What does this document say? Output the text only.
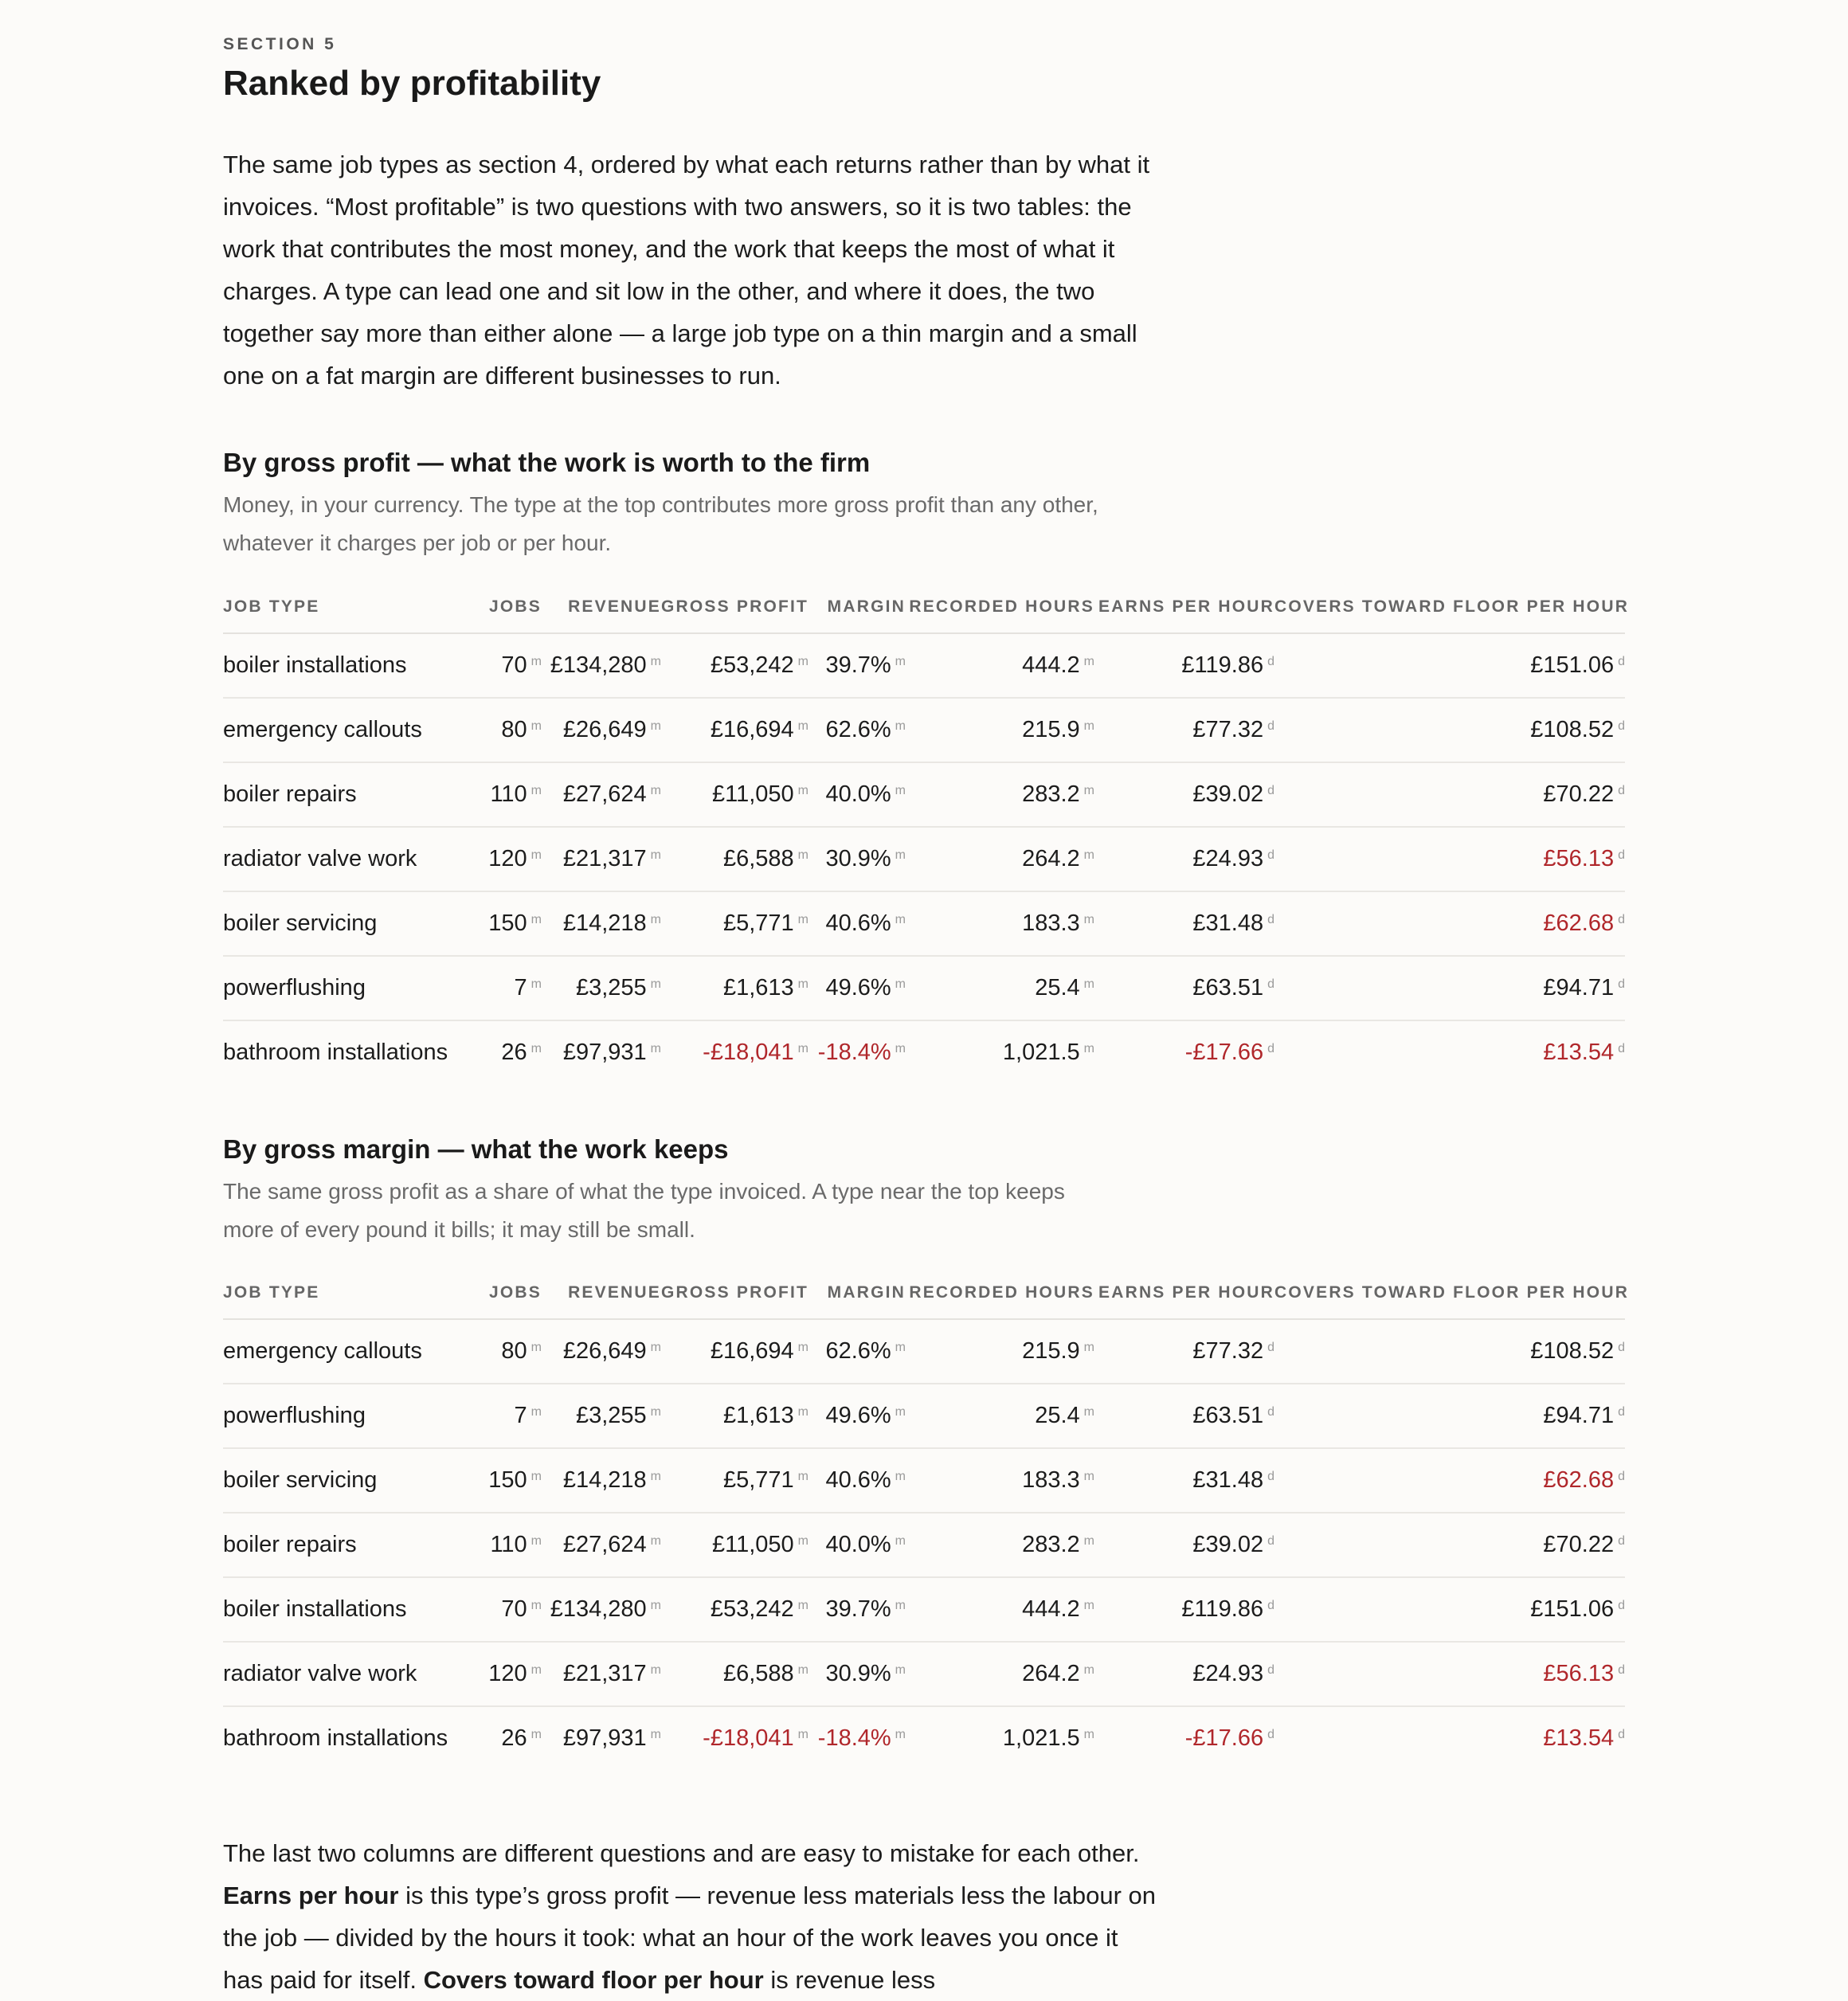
SECTION 5
Ranked by profitability

The same job types as section 4, ordered by what each returns rather than by what it invoices. “Most profitable” is two questions with two answers, so it is two tables: the work that contributes the most money, and the work that keeps the most of what it charges. A type can lead one and sit low in the other, and where it does, the two together say more than either alone — a large job type on a thin margin and a small one on a fat margin are different businesses to run.

By gross profit — what the work is worth to the firm

Money, in your currency. The type at the top contributes more gross profit than any other, whatever it charges per job or per hour.

JOB TYPE	JOBS	REVENUE	GROSS PROFIT	MARGIN	RECORDED HOURS	EARNS PER HOUR	COVERS TOWARD FLOOR PER HOUR
boiler installations	70 $^m$	£134,280 $^m$	£53,242 $^m$	39.7% $^m$	444.2 $^m$	£119.86 $^d$	£151.06 $^d$
emergency callouts	80 $^m$	£26,649 $^m$	£16,694 $^m$	62.6% $^m$	215.9 $^m$	£77.32 $^d$	£108.52 $^d$
boiler repairs	110 $^m$	£27,624 $^m$	£11,050 $^m$	40.0% $^m$	283.2 $^m$	£39.02 $^d$	£70.22 $^d$
radiator valve work	120 $^m$	£21,317 $^m$	£6,588 $^m$	30.9% $^m$	264.2 $^m$	£24.93 $^d$	£56.13 $^d$
boiler servicing	150 $^m$	£14,218 $^m$	£5,771 $^m$	40.6% $^m$	183.3 $^m$	£31.48 $^d$	£62.68 $^d$
powerflushing	7 $^m$	£3,255 $^m$	£1,613 $^m$	49.6% $^m$	25.4 $^m$	£63.51 $^d$	£94.71 $^d$
bathroom installations	26 $^m$	£97,931 $^m$	-£18,041 $^m$	-18.4% $^m$	1,021.5 $^m$	-£17.66 $^d$	£13.54 $^d$
By gross margin — what the work keeps

The same gross profit as a share of what the type invoiced. A type near the top keeps more of every pound it bills; it may still be small.

JOB TYPE	JOBS	REVENUE	GROSS PROFIT	MARGIN	RECORDED HOURS	EARNS PER HOUR	COVERS TOWARD FLOOR PER HOUR
emergency callouts	80 $^m$	£26,649 $^m$	£16,694 $^m$	62.6% $^m$	215.9 $^m$	£77.32 $^d$	£108.52 $^d$
powerflushing	7 $^m$	£3,255 $^m$	£1,613 $^m$	49.6% $^m$	25.4 $^m$	£63.51 $^d$	£94.71 $^d$
boiler servicing	150 $^m$	£14,218 $^m$	£5,771 $^m$	40.6% $^m$	183.3 $^m$	£31.48 $^d$	£62.68 $^d$
boiler repairs	110 $^m$	£27,624 $^m$	£11,050 $^m$	40.0% $^m$	283.2 $^m$	£39.02 $^d$	£70.22 $^d$
boiler installations	70 $^m$	£134,280 $^m$	£53,242 $^m$	39.7% $^m$	444.2 $^m$	£119.86 $^d$	£151.06 $^d$
radiator valve work	120 $^m$	£21,317 $^m$	£6,588 $^m$	30.9% $^m$	264.2 $^m$	£24.93 $^d$	£56.13 $^d$
bathroom installations	26 $^m$	£97,931 $^m$	-£18,041 $^m$	-18.4% $^m$	1,021.5 $^m$	-£17.66 $^d$	£13.54 $^d$

The last two columns are different questions and are easy to mistake for each other. Earns per hour is this type’s gross profit — revenue less materials less the labour on the job — divided by the hours it took: what an hour of the work leaves you once it has paid for itself. Covers toward floor per hour is revenue less
